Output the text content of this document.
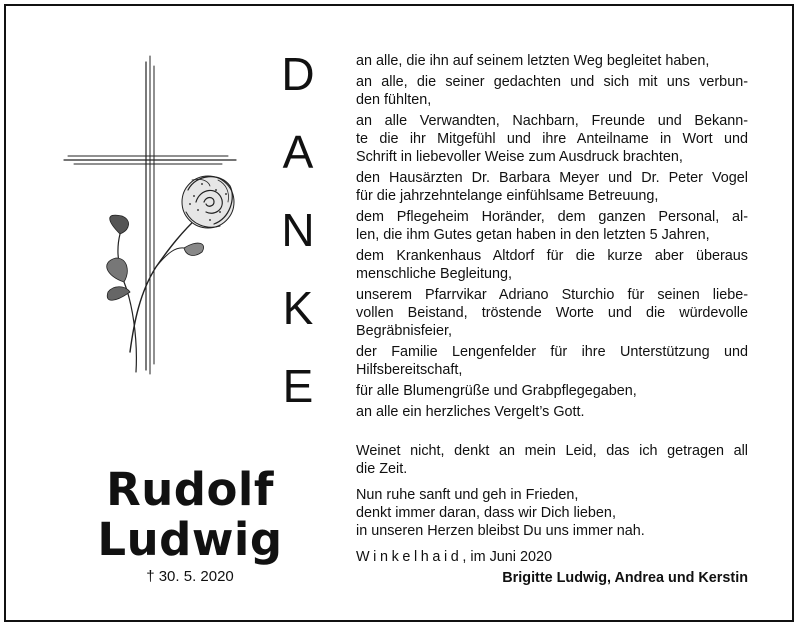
D
A
N
K
E
Rudolf
Ludwig
† 30. 5. 2020
an alle, die ihn auf seinem letzten Weg begleitet haben,
an alle, die seiner gedachten und sich mit uns verbun-
den fühlten,
an alle Verwandten, Nachbarn, Freunde und Bekann-
te die ihr Mitgefühl und ihre Anteilname in Wort und
Schrift in liebevoller Weise zum Ausdruck brachten,
den Hausärzten Dr. Barbara Meyer und Dr. Peter Vogel
für die jahrzehntelange einfühlsame Betreuung,
dem Pflegeheim Horänder, dem ganzen Personal, al-
len, die ihm Gutes getan haben in den letzten 5 Jahren,
dem Krankenhaus Altdorf für die kurze aber überaus
menschliche Begleitung,
unserem Pfarrvikar Adriano Sturchio für seinen liebe-
vollen Beistand, tröstende Worte und die würdevolle
Begräbnisfeier,
der Familie Lengenfelder für ihre Unterstützung und
Hilfsbereitschaft,
für alle Blumengrüße und Grabpflegegaben,
an alle ein herzliches Vergelt’s Gott.
Weinet nicht, denkt an mein Leid, das ich getragen all
die Zeit.
Nun ruhe sanft und geh in Frieden,
denkt immer daran, dass wir Dich lieben,
in unseren Herzen bleibst Du uns immer nah.
Winkelhaid, im Juni 2020
Brigitte Ludwig, Andrea und Kerstin
